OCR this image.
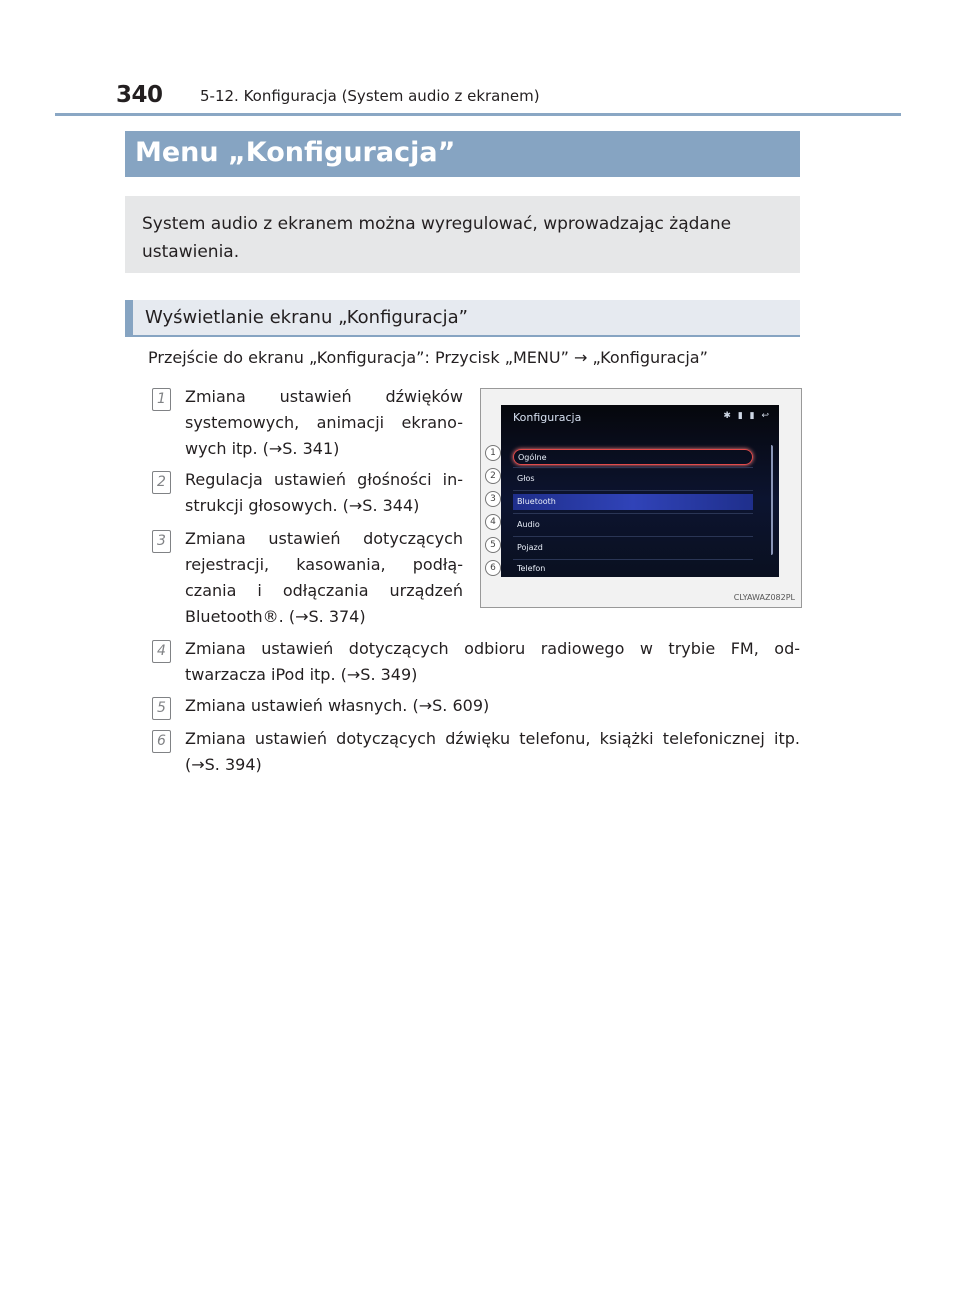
340 5-12. Konfiguracja (System audio z ekranem)
Menu „Konfiguracja”

System audio z ekranem można wyregulować, wprowadzając żądane ustawienia.

Wyświetlanie ekranu „Konfiguracja”
Przejście do ekranu „Konfiguracja”: Przycisk „MENU” → „Konfiguracja”
1	Zmiana ustawień dźwięków systemowych, animacji ekrano- wych itp. (→S. 341)
2	Regulacja ustawień głośności in- strukcji głosowych. (→S. 344)
3	Zmiana ustawień dotyczących rejestracji, kasowania, podłą- czania i odłączania urządzeń Bluetooth®. (→S. 374)
4	Zmiana ustawień dotyczących odbioru radiowego w trybie FM, od- twarzacza iPod itp. (→S. 349)
5	Zmiana ustawień własnych. (→S. 609)
6	Zmiana ustawień dotyczących dźwięku telefonu, książki telefonicznej itp. (→S. 394)
Konfiguracja	✱ ▮ ▮ ↩
Ogólne
Głos
Bluetooth
Audio
Pojazd
Telefon
1
2
3
4
5
6
CLYAWAZ082PL
